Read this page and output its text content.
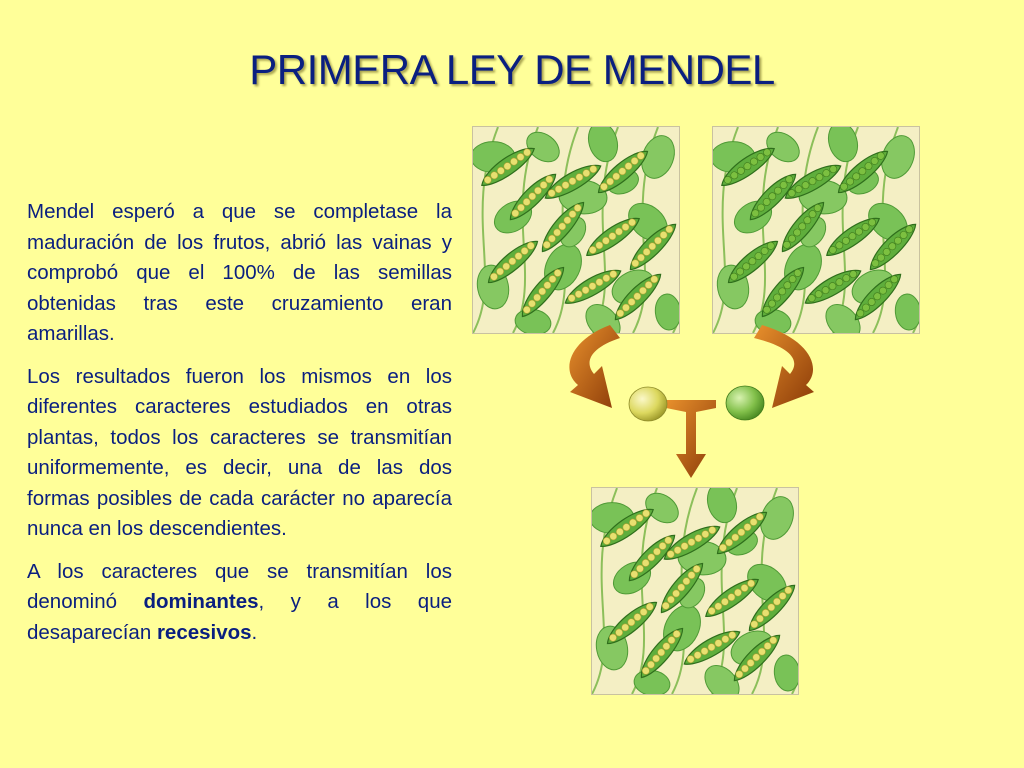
PRIMERA LEY DE MENDEL

Mendel esperó a que se completase la maduración de los frutos, abrió las vainas y comprobó que el 100% de las semillas obtenidas tras este cruzamiento eran amarillas.

Los resultados fueron los mismos en los diferentes caracteres estudiados en otras plantas, todos los caracteres se transmitían uniformemente, es decir, una de las dos formas posibles de cada carácter no aparecía nunca en los descendientes.

A los caracteres que se transmitían los denominó dominantes, y a los que desaparecían recesivos.
